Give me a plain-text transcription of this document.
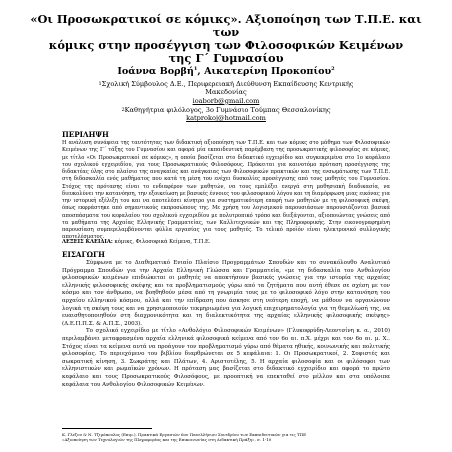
«Οι Προσωκρατικοί σε κόμικς». Αξιοποίηση των Τ.Π.Ε. και των
κόμικς στην προσέγγιση των Φιλοσοφικών Κειμένων
της Γ΄ Γυμνασίου
Ιοάννα Βορβή$^1$, Αικατερίνη Προκοπίου$^2$
$^1$Σχολική Σύμβουλος Δ.Ε., Περιφερειακή Διεύθυνση Εκπαίδευσης Κεντρικής
Μακεδονίας
ioaborb@gmail.com
$^2$Καθηγήτρια φιλόλογος, 3ο Γυμνάσιο Τούμπας Θεσσαλονίκης
katprokoj@hotmail.com
ΠΕΡΙΛΗΨΗ
Η ανάλυση συνάφεια της ταυτότητας των διδακτική αξιοποίηση των Τ.Π.Ε. και των κόμικς στο μάθημα των Φιλοσοφικών Κειμένων της Γ΄ τάξης του Γυμνασίου και αφορά μία εκπαιδευτική παρέμβαση της προσωκρατικής φιλοσοφίας σε κόμικς, με τίτλο «Οι Προσωκρατικοί σε κόμικς», η οποία βασίζεται στο διδακτικό εγχειρίδιο και συγκεκριμένα στο 1ο κεφάλαιο του σχολικού εγχειριδίου, για τους Προσωκρατικούς Φιλοσόφους. Πρόκειται για καινοτόμο πρόταση προσέγγισης της διδακτέας ύλης στο πλαίσιο της αναγκαίας και ανάγκαιας των Φιλοσοφικών πρακτικών και της ενσωμάτωσης των Τ.Π.Ε. στη διδασκαλία ενός μαθήματος που κατά τη μέση του ενέχει δυσκολίες προσέγγισης από τους μαθητές του Γυμνασίου. Στόχος της πρότασης είναι το ενδιαφέρον των μαθητών, να τους εμπλέξει ενεργά στη μαθησιακή διαδικασία, να διευκολύνει την κατανόηση, την εξοικείωση με βασικές έννοιες του φιλοσοφικού λόγου και τη διαμόρφωση μιας εικόνας για την ιστορική εξέλιξη του και να αποτελέσει κίνητρο για συστηματικότερη επαφή των μαθητών με τη φιλοσοφική σκέψη, όπως εκφράστηκε από σημαντικούς εκπροσώπους της. Με χρήση του λογισμικού παρουσιάσεων παρουσιάζονται βασικά αποσπάσματα του κεφαλαίου του σχολικού εγχειριδίου με πολυτροπικό τρόπο και διεξάγονται, αξιοποιώντας γνώσεις από τα μαθήματα της Αρχαίας Ελληνικής Γραμματείας, των Καλλιτεχνικών και της Πληροφορικής. Στην εικονογραφημένη παρουσίαση συμπεριλαμβάνονται φύλλα εργασίας για τους μαθητές. Το τελικό προϊόν είναι ηλεκτρονικό συλλογικής αποτελέσματος.
ΛΕΞΕΙΣ ΚΛΕΙΔΙΑ: κόμικς, Φιλοσοφικά Κείμενα, Τ.Π.Ε.
ΕΙΣΑΓΩΓΗ

Σύμφωνα με το Διαθεματικό Ενιαίο Πλαίσιο Προγραμμάτων Σπουδών και το συνακόλουθο Αναλυτικό Πρόγραμμα Σπουδών για την Αρχαία Ελληνική Γλώσσα και Γραμματεία, «με τη διδασκαλία του Ανθολογίου φιλοσοφικών κειμένων επιδιώκεται οι μαθητές να αποκτήσουν βασικές γνώσεις για την ιστορία της αρχαίας ελληνικής φιλοσοφικής σκέψης και τα προβληματισμούς γύρω από τα ζητήματα που αυτή έθεσε σε σχέση με τον κόσμο και τον άνθρωπο, να βοηθηθούν μέσα από τη γνωριμία τους με το φιλοσοφικό λόγο στην κατανόηση του αρχαίου ελληνικού κόσμου, αλλά και την επίδραση που άσκησε στη νεότερη εποχή, να μάθουν να οργανώνουν λογικά τη σκέψη τους και να χρησιμοποιούν τεκμηριωμένα για λογική επιχειρηματολογία για τη θεμελίωσή της, να ευαισθητοποιηθούν στη διαχρονικότητα και τη διαλεκτικότητα της αρχαίας ελληνικής φιλοσοφικής σκέψης» (Δ.Ε.Π.Π.Σ. & Α.Π.Σ., 2003).

Το σχολικό εγχειρίδιο με τίτλο «Ανθολόγιο Φιλοσοφικών Κειμένων» (Γλυκοφρύδη-Λεοντσίνη κ. α., 2010) περιλαμβάνει μεταφρασμένα αρχαία ελληνικά φιλοσοφικά κείμενα από τον 6ο αι. π.Χ. μέχρι και τον 6ο αι. μ. Χ.. Στόχος είναι τα κείμενα αυτά να προάγουν τον προβληματισμό γύρω από θέματα ηθικής, κοινωνικής και πολιτικής φιλοσοφίας. Το περιεχόμενο του βιβλίου διαρθρώνεται σε 5 κεφάλαια: 1. Οι Προσωκρατικοί, 2. Σοφιστές και σωκρατική κίνηση, 3. Σωκράτης και Πλάτων, 4. Αριστοτέλης, 5. Η αρχαία φιλοσοφία και οι φιλόσοφοι των ελληνιστικών και ρωμαϊκών χρόνων. Η πρόταση μας βασίζεται στο διδακτικό εγχειρίδιο και αφορά το πρώτο κεφάλαιο και τους Προσωκρατικούς Φιλοσόφους, με προοπτική να επεκταθεί στο μέλλον και στα υπόλοιπα κεφάλαια του Ανθολογίου Φιλοσοφικών Κειμένων.

Κ. Γλέζου & Ν. Τζιμόπουλος (Επιμ.), Πρακτικά Εργασιών 6ου Πανελλήνιου Συνεδρίου των Εκπαιδευτικών για τις ΤΠΕ
«Αξιοποίηση των Τεχνολογιών της Πληροφορίας και της Επικοινωνίας στη Διδακτική Πράξη», σ. 1-10
